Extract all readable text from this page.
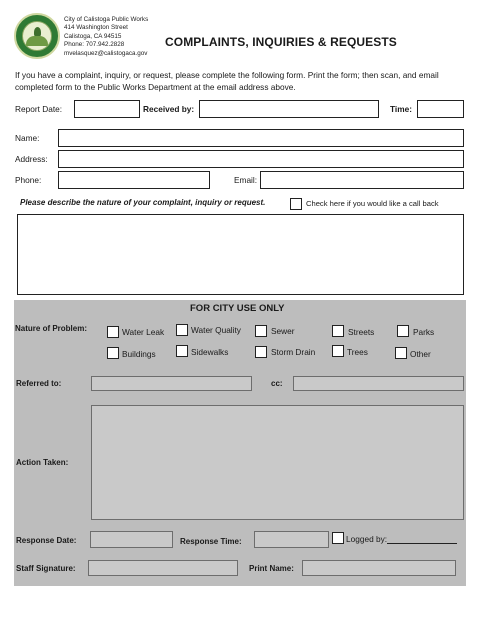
City of Calistoga Public Works
414 Washington Street
Calistoga, CA 94515
Phone: 707.942.2828
mvelasquez@calistogaca.gov
COMPLAINTS, INQUIRIES & REQUESTS
If you have a complaint, inquiry, or request, please complete the following form. Print the form; then scan, and email completed form to the Public Works Department at the email address above.
Report Date:	Received by:	Time:
Name:
Address:
Phone:	Email:
Please describe the nature of your complaint, inquiry or request.	Check here if you would like a call back
FOR CITY USE ONLY
Nature of Problem:	Water Leak	Water Quality	Sewer	Streets	Parks
Buildings	Sidewalks	Storm Drain	Trees	Other
Referred to:	cc:
Action Taken:
Response Date:	Response Time:	Logged by:
Staff Signature:	Print Name:
